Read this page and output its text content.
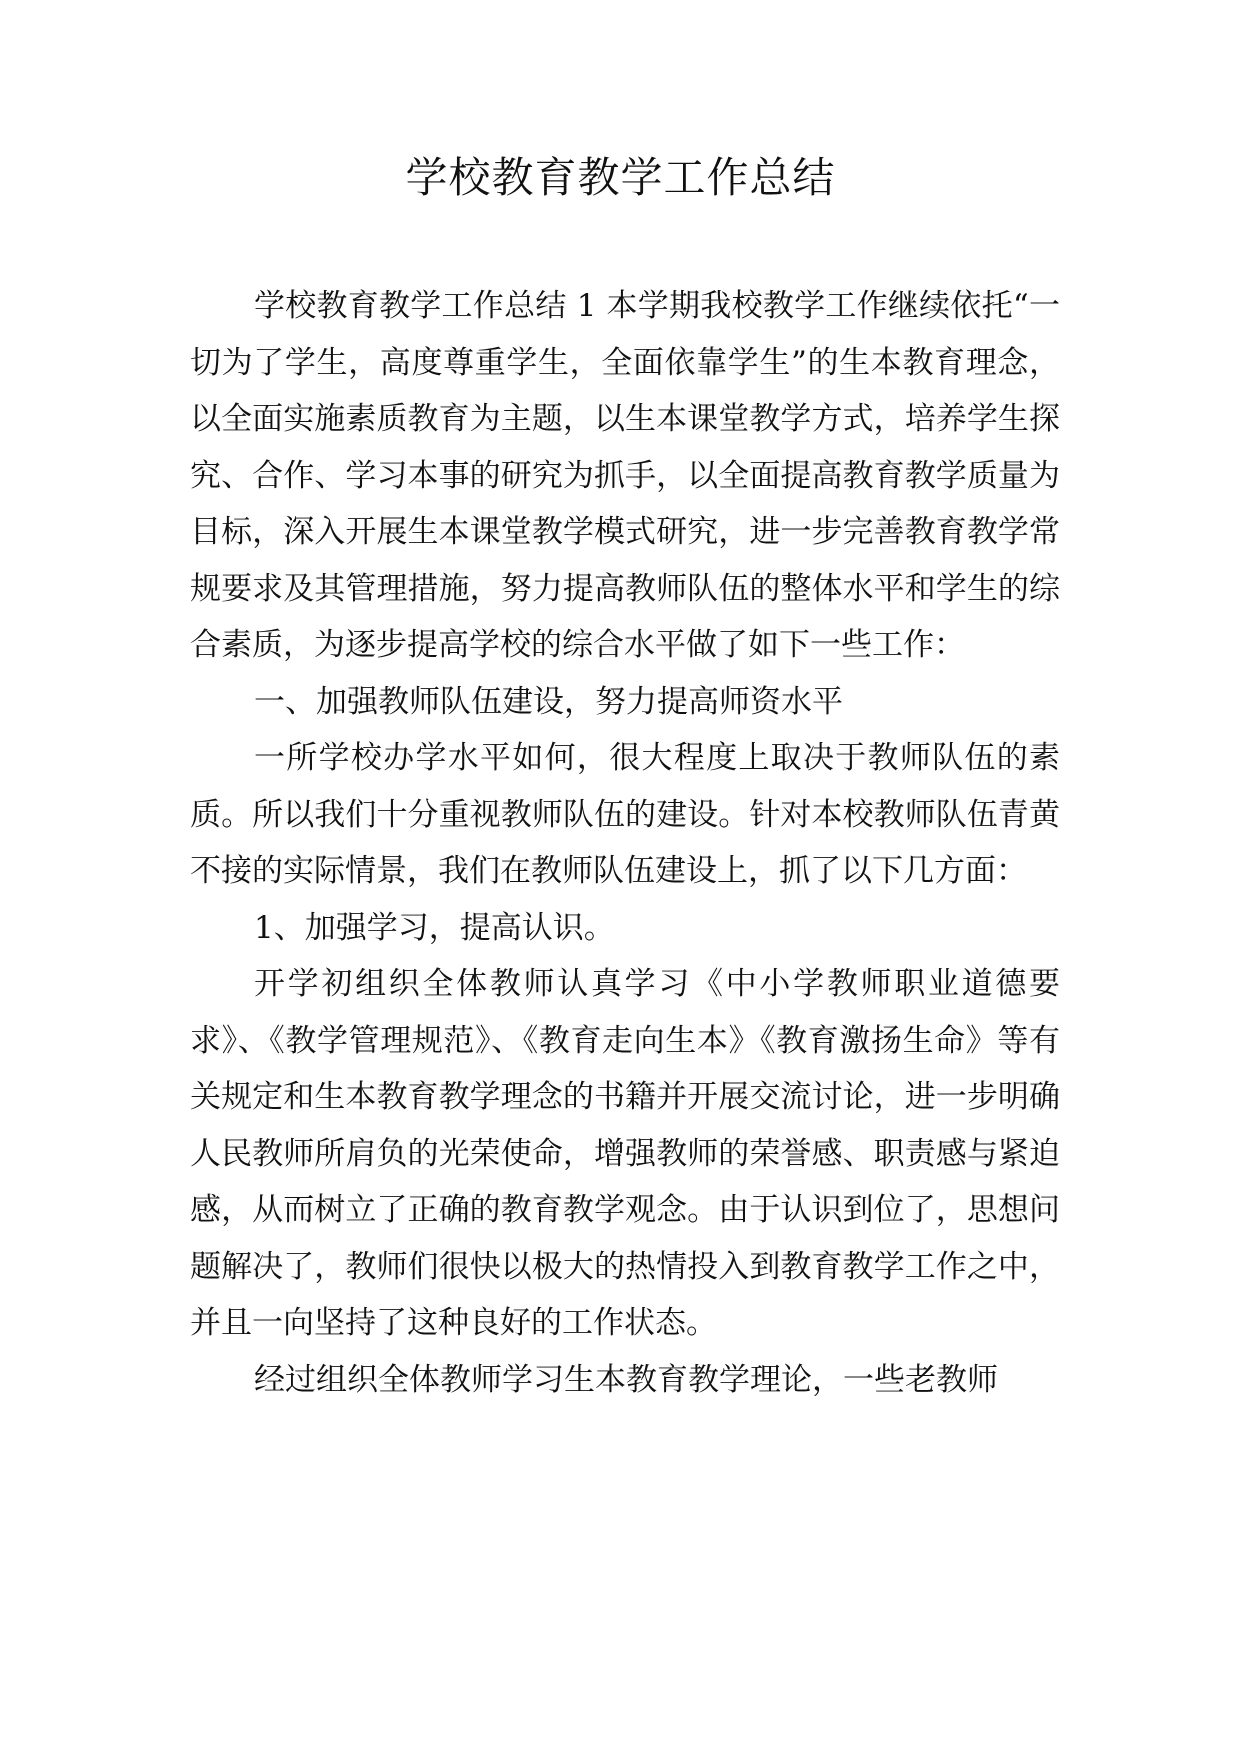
学校教育教学工作总结

学校教育教学工作总结 1 本学期我校教学工作继续依托“一切为了学生，高度尊重学生，全面依靠学生”的生本教育理念，以全面实施素质教育为主题，以生本课堂教学方式，培养学生探究、合作、学习本事的研究为抓手，以全面提高教育教学质量为目标，深入开展生本课堂教学模式研究，进一步完善教育教学常规要求及其管理措施，努力提高教师队伍的整体水平和学生的综合素质，为逐步提高学校的综合水平做了如下一些工作：

一、加强教师队伍建设，努力提高师资水平

一所学校办学水平如何，很大程度上取决于教师队伍的素质。所以我们十分重视教师队伍的建设。针对本校教师队伍青黄不接的实际情景，我们在教师队伍建设上，抓了以下几方面：

1、加强学习，提高认识。

开学初组织全体教师认真学习《中小学教师职业道德要求》、《教学管理规范》、《教育走向生本》《教育激扬生命》等有关规定和生本教育教学理念的书籍并开展交流讨论，进一步明确人民教师所肩负的光荣使命，增强教师的荣誉感、职责感与紧迫感，从而树立了正确的教育教学观念。由于认识到位了，思想问题解决了，教师们很快以极大的热情投入到教育教学工作之中，并且一向坚持了这种良好的工作状态。

经过组织全体教师学习生本教育教学理论，一些老教师
